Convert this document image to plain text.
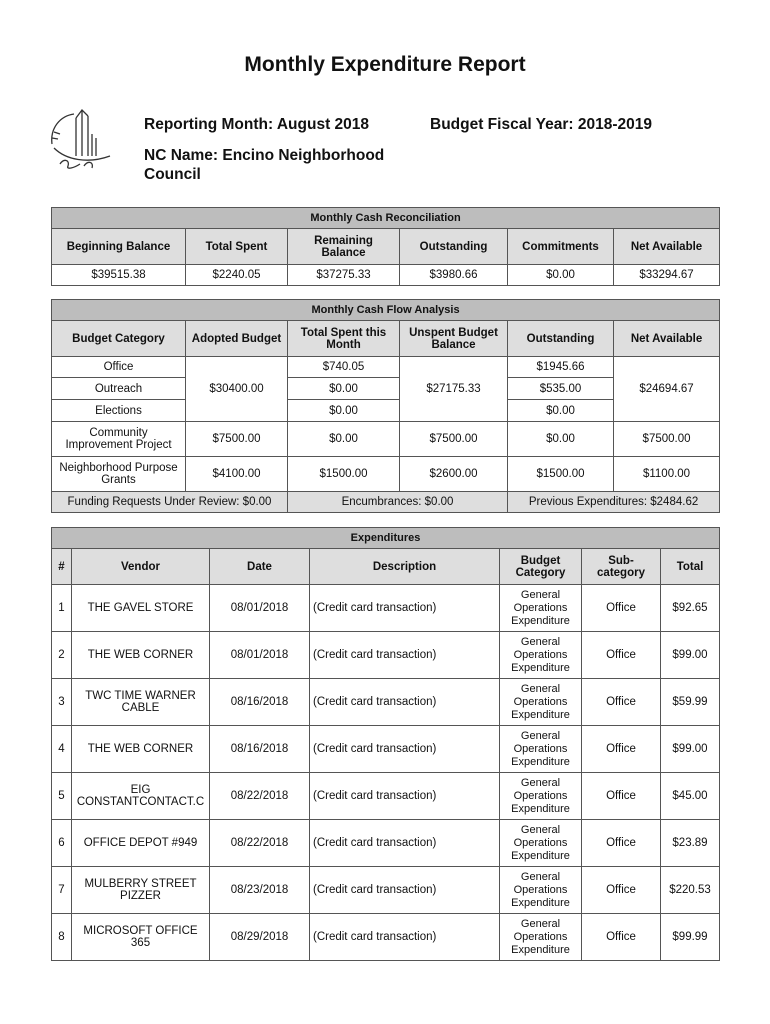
Monthly Expenditure Report
Reporting Month: August 2018	Budget Fiscal Year: 2018-2019
NC Name: Encino Neighborhood Council
Monthly Cash Reconciliation					
Beginning Balance	Total Spent	Remaining Balance	Outstanding	Commitments	Net Available
$39515.38	$2240.05	$37275.33	$3980.66	$0.00	$33294.67
Monthly Cash Flow Analysis					
Budget Category	Adopted Budget	Total Spent this Month	Unspent Budget Balance	Outstanding	Net Available
Office	$30400.00	$740.05	$27175.33	$1945.66	$24694.67
Outreach		$0.00		$535.00	
Elections		$0.00		$0.00	
Community Improvement Project	$7500.00	$0.00	$7500.00	$0.00	$7500.00
Neighborhood Purpose Grants	$4100.00	$1500.00	$2600.00	$1500.00	$1100.00
Funding Requests Under Review: $0.00		Encumbrances: $0.00		Previous Expenditures: $2484.62	
Expenditures						
#	Vendor	Date	Description	Budget Category	Sub-category	Total
1	THE GAVEL STORE	08/01/2018	(Credit card transaction)	General Operations Expenditure	Office	$92.65
2	THE WEB CORNER	08/01/2018	(Credit card transaction)	General Operations Expenditure	Office	$99.00
3	TWC TIME WARNER CABLE	08/16/2018	(Credit card transaction)	General Operations Expenditure	Office	$59.99
4	THE WEB CORNER	08/16/2018	(Credit card transaction)	General Operations Expenditure	Office	$99.00
5	EIG CONSTANTCONTACT.C	08/22/2018	(Credit card transaction)	General Operations Expenditure	Office	$45.00
6	OFFICE DEPOT #949	08/22/2018	(Credit card transaction)	General Operations Expenditure	Office	$23.89
7	MULBERRY STREET PIZZER	08/23/2018	(Credit card transaction)	General Operations Expenditure	Office	$220.53
8	MICROSOFT OFFICE 365	08/29/2018	(Credit card transaction)	General Operations Expenditure	Office	$99.99
